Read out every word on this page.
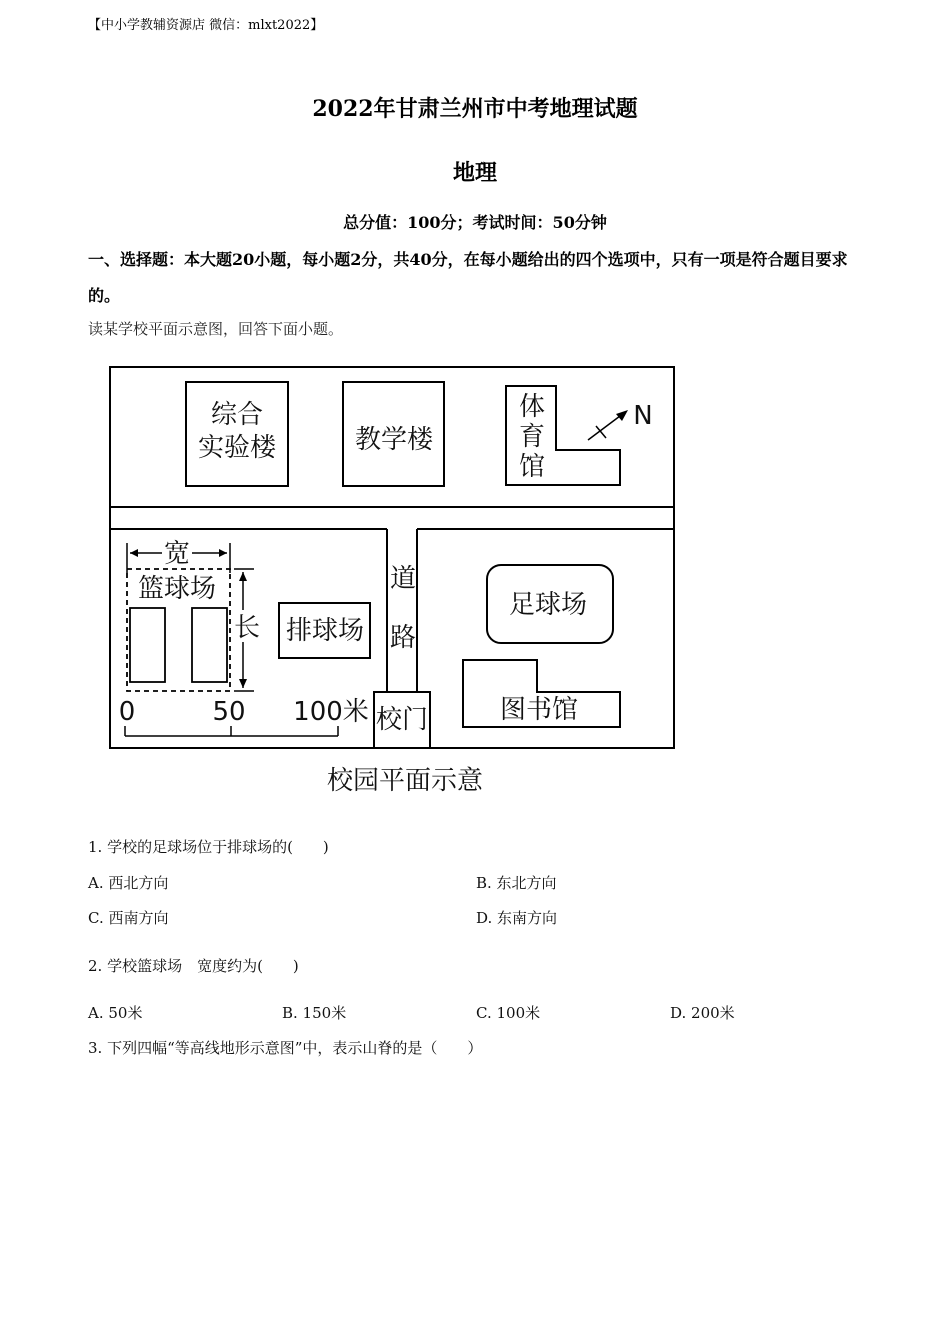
【中小学教辅资源店 微信：mlxt2022】
2022年甘肃兰州市中考地理试题
地理
总分值：100分；考试时间：50分钟
一、选择题：本大题20小题，每小题2分，共40分，在每小题给出的四个选项中，只有一项是符合题目要求的。
读某学校平面示意图，回答下面小题。
综合
实验楼	教学楼
体
育
馆
N
宽
篮球场
长 排球场
道
路
足球场
图书馆
校门
0	50 100米
校园平面示意
1. 学校的足球场位于排球场的(　　)
A. 西北方向	B. 东北方向
C. 西南方向	D. 东南方向
2. 学校篮球场　宽度约为(　　)
A. 50米	B. 150米	C. 100米	D. 200米
3. 下列四幅“等高线地形示意图”中，表示山脊的是（　　）
